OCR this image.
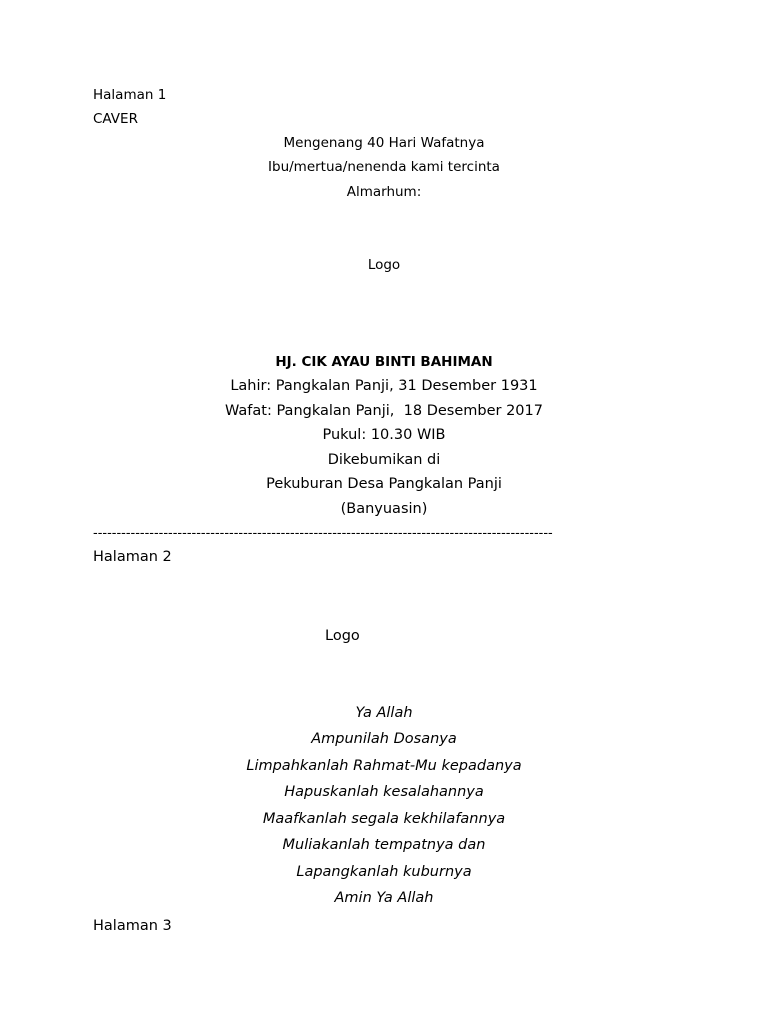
Halaman 1
CAVER
Mengenang 40 Hari Wafatnya
Ibu/mertua/nenenda kami tercinta
Almarhum:
Logo
HJ. CIK AYAU BINTI BAHIMAN
Lahir: Pangkalan Panji, 31 Desember 1931
Wafat: Pangkalan Panji,  18 Desember 2017
Pukul: 10.30 WIB
Dikebumikan di
Pekuburan Desa Pangkalan Panji
(Banyuasin)
--------------------------------------------------------------------------------------------------
Halaman 2
Logo
Ya Allah
Ampunilah Dosanya
Limpahkanlah Rahmat-Mu kepadanya
Hapuskanlah kesalahannya
Maafkanlah segala kekhilafannya
Muliakanlah tempatnya dan
Lapangkanlah kuburnya
Amin Ya Allah
Halaman 3
